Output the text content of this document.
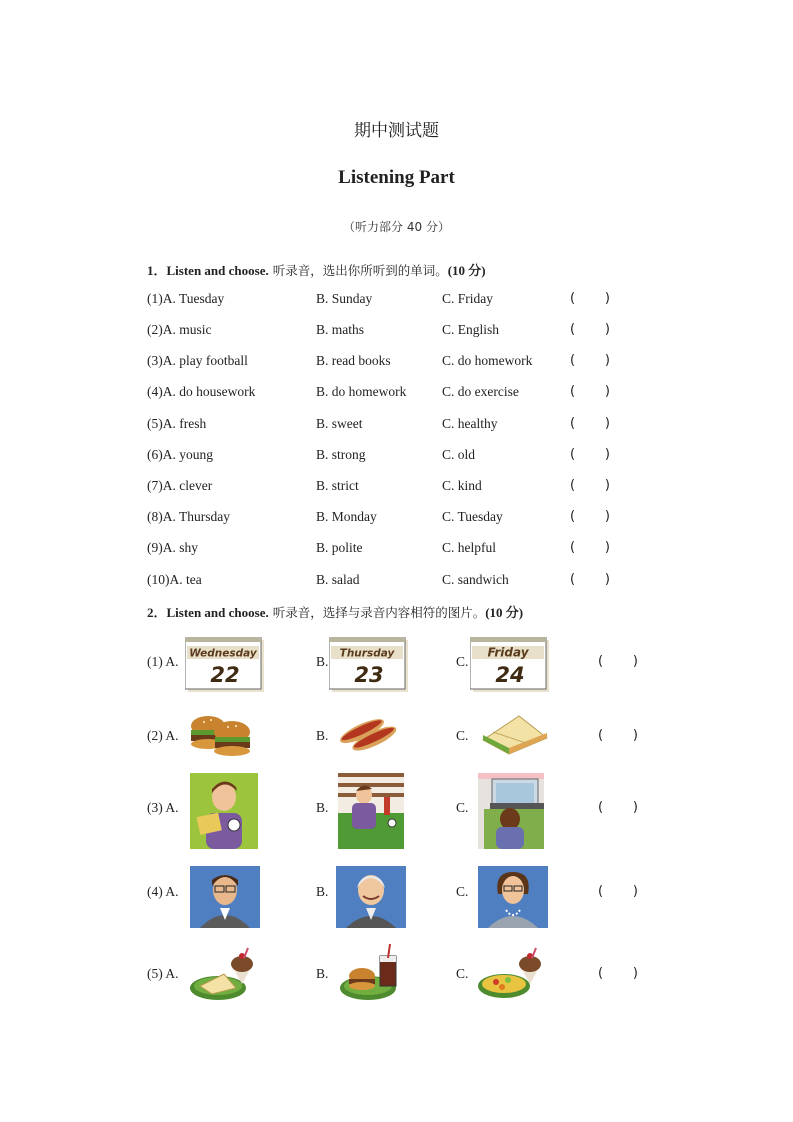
期中测试题
Listening Part
（听力部分 40 分）
1．Listen and choose. 听录音，选出你所听到的单词。(10 分)
(1) A. Tuesday	B. Sunday	C. Friday	( )
(2) A. music	B. maths	C. English	( )
(3) A. play football	B. read books	C. do homework	( )
(4) A. do housework	B. do homework	C. do exercise	( )
(5) A. fresh	B. sweet	C. healthy	( )
(6) A. young	B. strong	C. old	( )
(7) A. clever	B. strict	C. kind	( )
(8) A. Thursday	B. Monday	C. Tuesday	( )
(9) A. shy	B. polite	C. helpful	( )
(10) A. tea	B. salad	C. sandwich	( )
2．Listen and choose. 听录音，选择与录音内容相符的图片。(10 分)
(1) A.	B.	C.	( )
(2) A.	B.	C.	( )
(3) A.	B.	C.	( )
(4) A.	B.	C.	( )
(5) A.	B.	C.	( )
Wednesday
22
Thursday
23
Friday
24
